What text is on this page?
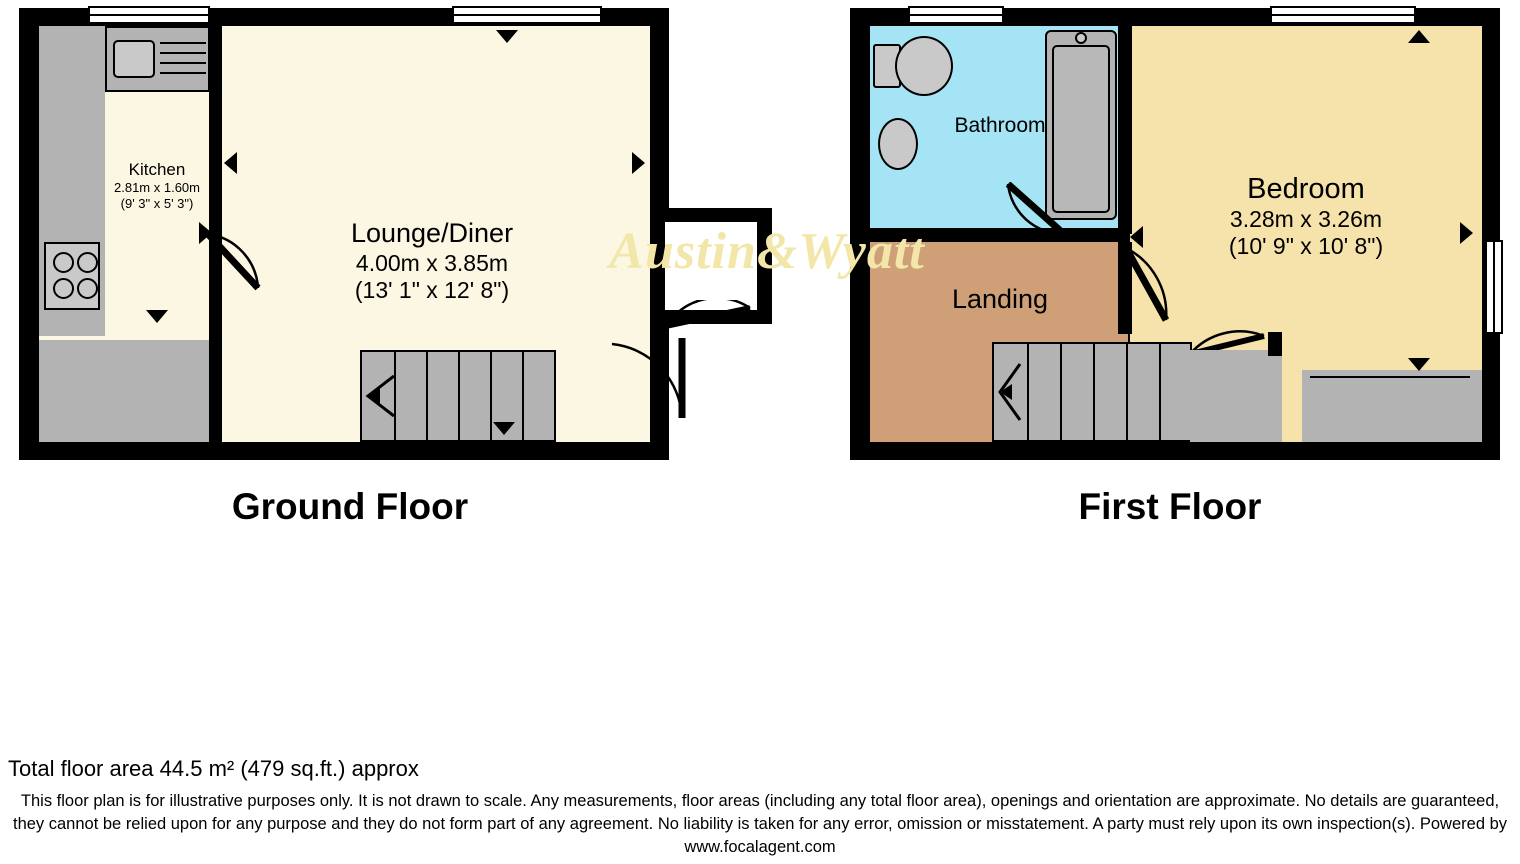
Kitchen
2.81m x 1.60m
(9' 3" x 5' 3")
Lounge/Diner
4.00m x 3.85m
(13' 1" x 12' 8")
Ground Floor
Bathroom
Landing
Bedroom
3.28m x 3.26m
(10' 9" x 10' 8")
First Floor
Austin&Wyatt
Total floor area 44.5 m² (479 sq.ft.) approx
This floor plan is for illustrative purposes only. It is not drawn to scale. Any measurements, floor areas (including any total floor area), openings and orientation are approximate. No details are guaranteed, they cannot be relied upon for any purpose and they do not form part of any agreement. No liability is taken for any error, omission or misstatement. A party must rely upon its own inspection(s). Powered by www.focalagent.com
